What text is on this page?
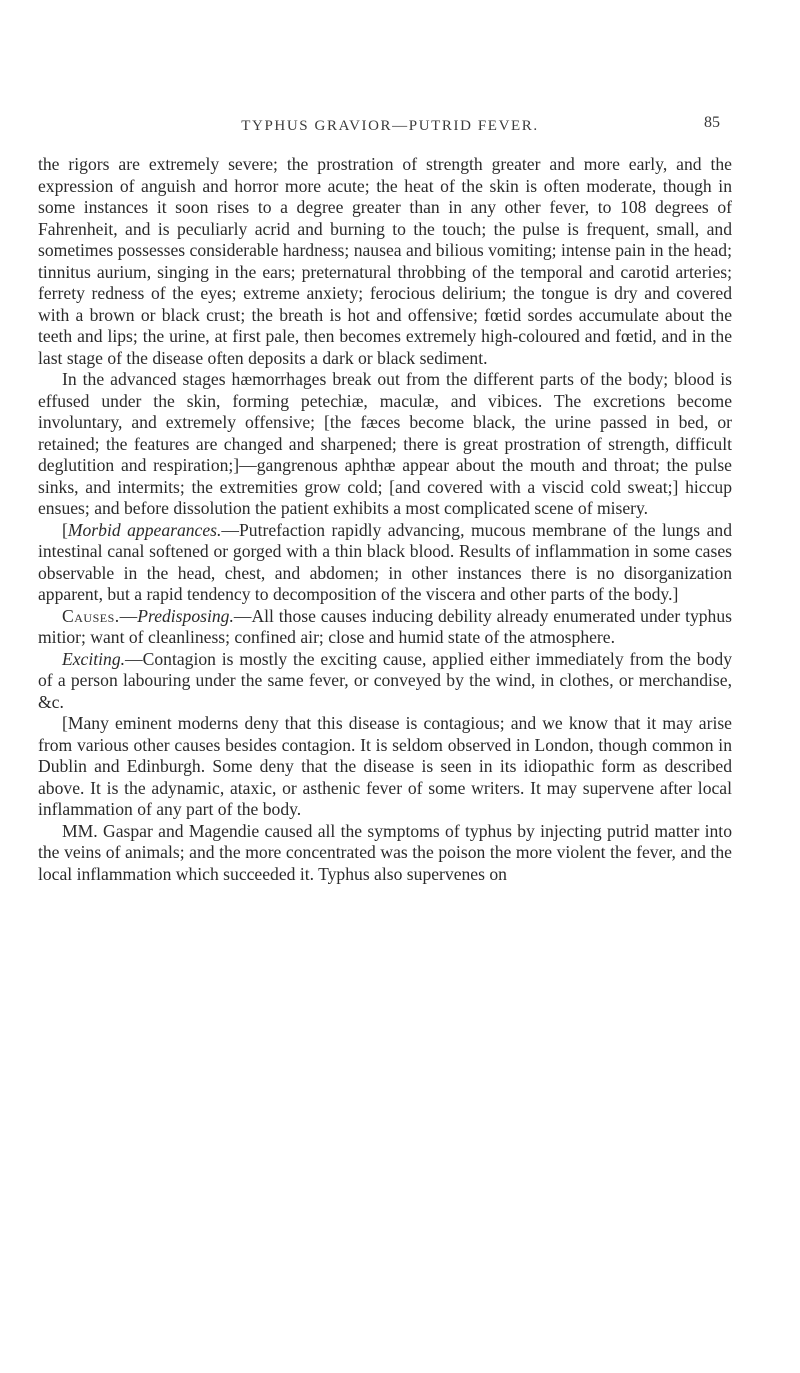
TYPHUS GRAVIOR—PUTRID FEVER.	85

the rigors are extremely severe; the prostration of strength greater and more early, and the expression of anguish and horror more acute; the heat of the skin is often moderate, though in some instances it soon rises to a degree greater than in any other fever, to 108 degrees of Fahrenheit, and is peculiarly acrid and burning to the touch; the pulse is frequent, small, and sometimes possesses considerable hardness; nausea and bilious vomiting; intense pain in the head; tinnitus aurium, singing in the ears; preternatural throbbing of the temporal and carotid arteries; ferrety redness of the eyes; extreme anxiety; ferocious delirium; the tongue is dry and covered with a brown or black crust; the breath is hot and offensive; fœtid sordes accumulate about the teeth and lips; the urine, at first pale, then becomes extremely high-coloured and fœtid, and in the last stage of the disease often deposits a dark or black sediment.

In the advanced stages hæmorrhages break out from the different parts of the body; blood is effused under the skin, forming petechiæ, maculæ, and vibices. The excretions become involuntary, and extremely offensive; [the fæces become black, the urine passed in bed, or retained; the features are changed and sharpened; there is great prostration of strength, difficult deglutition and respiration;]—gangrenous aphthæ appear about the mouth and throat; the pulse sinks, and intermits; the extremities grow cold; [and covered with a viscid cold sweat;] hiccup ensues; and before dissolution the patient exhibits a most complicated scene of misery.

[Morbid appearances.—Putrefaction rapidly advancing, mucous membrane of the lungs and intestinal canal softened or gorged with a thin black blood. Results of inflammation in some cases observable in the head, chest, and abdomen; in other instances there is no disorganization apparent, but a rapid tendency to decomposition of the viscera and other parts of the body.]

Causes.—Predisposing.—All those causes inducing debility already enumerated under typhus mitior; want of cleanliness; confined air; close and humid state of the atmosphere.

Exciting.—Contagion is mostly the exciting cause, applied either immediately from the body of a person labouring under the same fever, or conveyed by the wind, in clothes, or merchandise, &c.

[Many eminent moderns deny that this disease is contagious; and we know that it may arise from various other causes besides contagion. It is seldom observed in London, though common in Dublin and Edinburgh. Some deny that the disease is seen in its idiopathic form as described above. It is the adynamic, ataxic, or asthenic fever of some writers. It may supervene after local inflammation of any part of the body.

MM. Gaspar and Magendie caused all the symptoms of typhus by injecting putrid matter into the veins of animals; and the more concentrated was the poison the more violent the fever, and the local inflammation which succeeded it. Typhus also supervenes on
